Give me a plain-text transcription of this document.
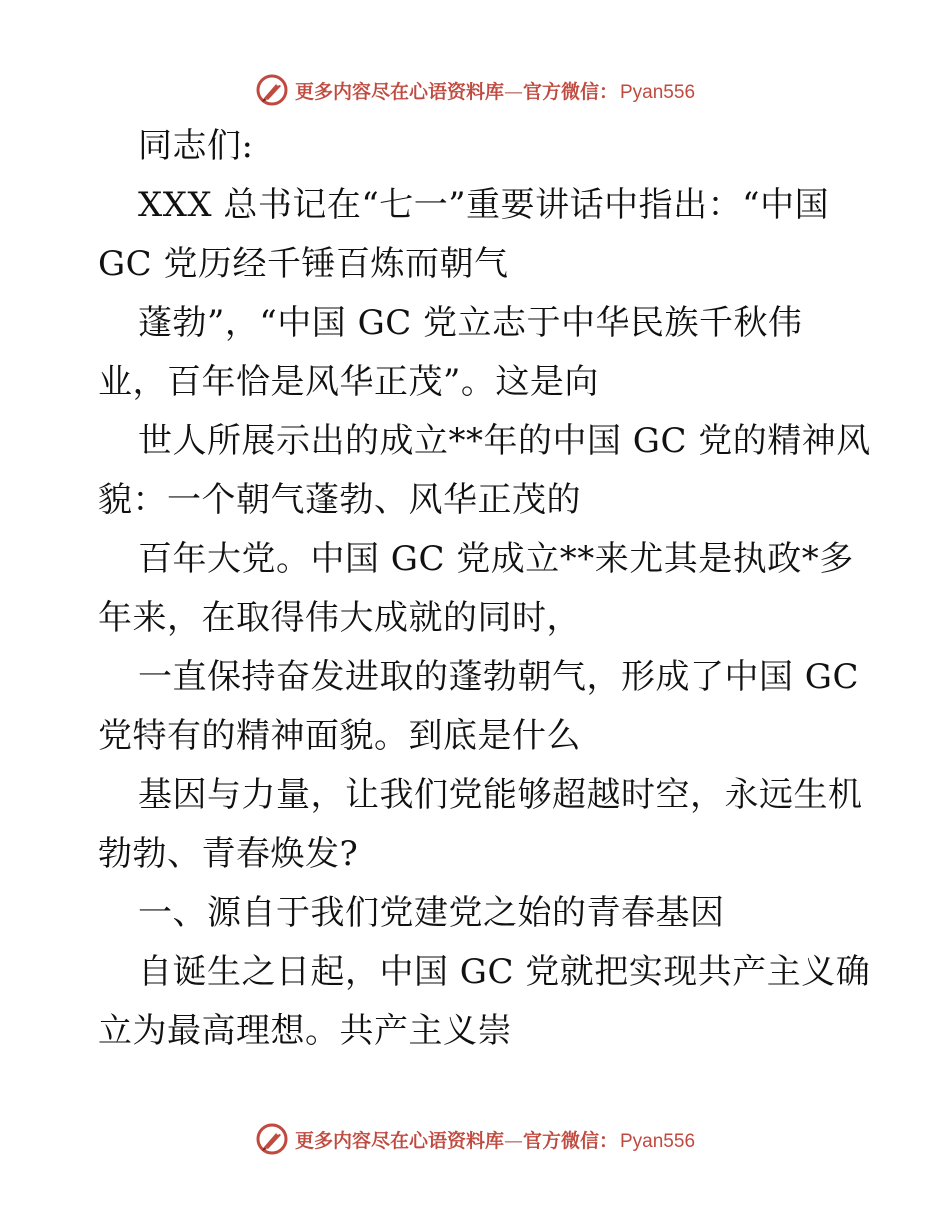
更多内容尽在心语资料库 — 官方微信： Pyan556
同志们:
XXX 总书记在“七一”重要讲话中指出：“中国
GC 党历经千锤百炼而朝气
蓬勃”，“中国 GC 党立志于中华民族千秋伟
业，百年恰是风华正茂”。这是向
世人所展示出的成立**年的中国 GC 党的精神风
貌：一个朝气蓬勃、风华正茂的
百年大党。中国 GC 党成立**来尤其是执政*多
年来，在取得伟大成就的同时，
一直保持奋发进取的蓬勃朝气，形成了中国 GC
党特有的精神面貌。到底是什么
基因与力量，让我们党能够超越时空，永远生机
勃勃、青春焕发?
一、源自于我们党建党之始的青春基因
自诞生之日起，中国 GC 党就把实现共产主义确
立为最高理想。共产主义崇
更多内容尽在心语资料库 — 官方微信： Pyan556
